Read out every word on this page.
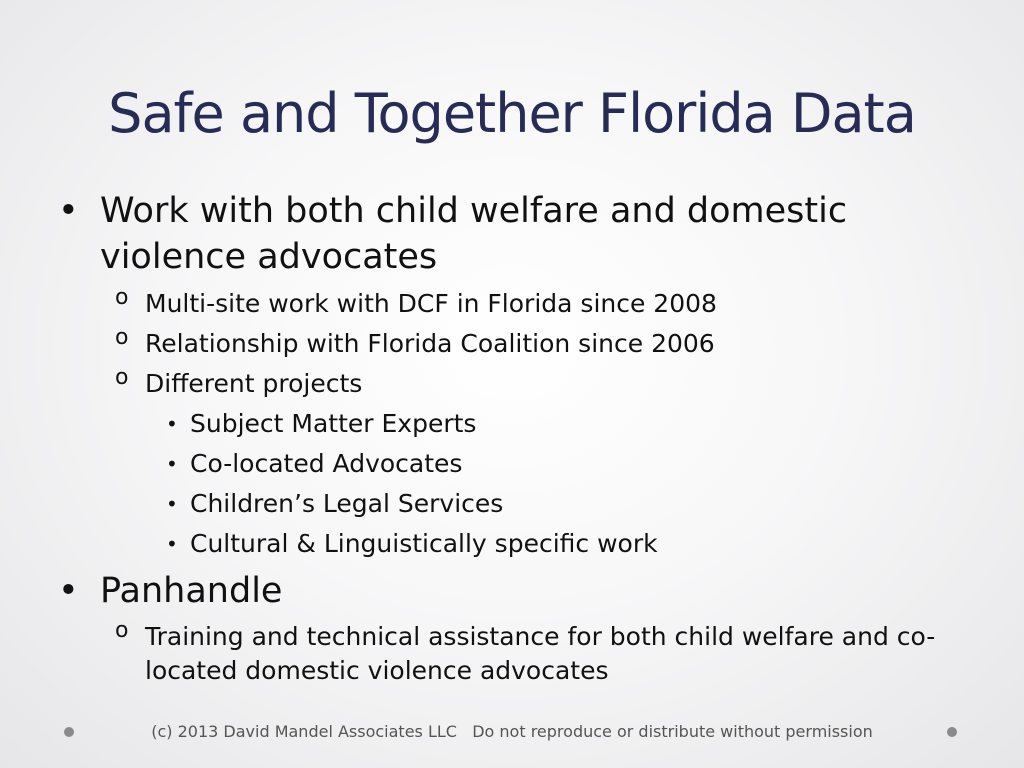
Safe and Together Florida Data

• Work with both child welfare and domestic violence advocates

o Multi-site work with DCF in Florida since 2008

o Relationship with Florida Coalition since 2006

o Different projects

• Subject Matter Experts

• Co-located Advocates

• Children’s Legal Services

• Cultural & Linguistically specific work

• Panhandle

o Training and technical assistance for both child welfare and co-located domestic violence advocates

(c) 2013 David Mandel Associates LLC   Do not reproduce or distribute without permission
